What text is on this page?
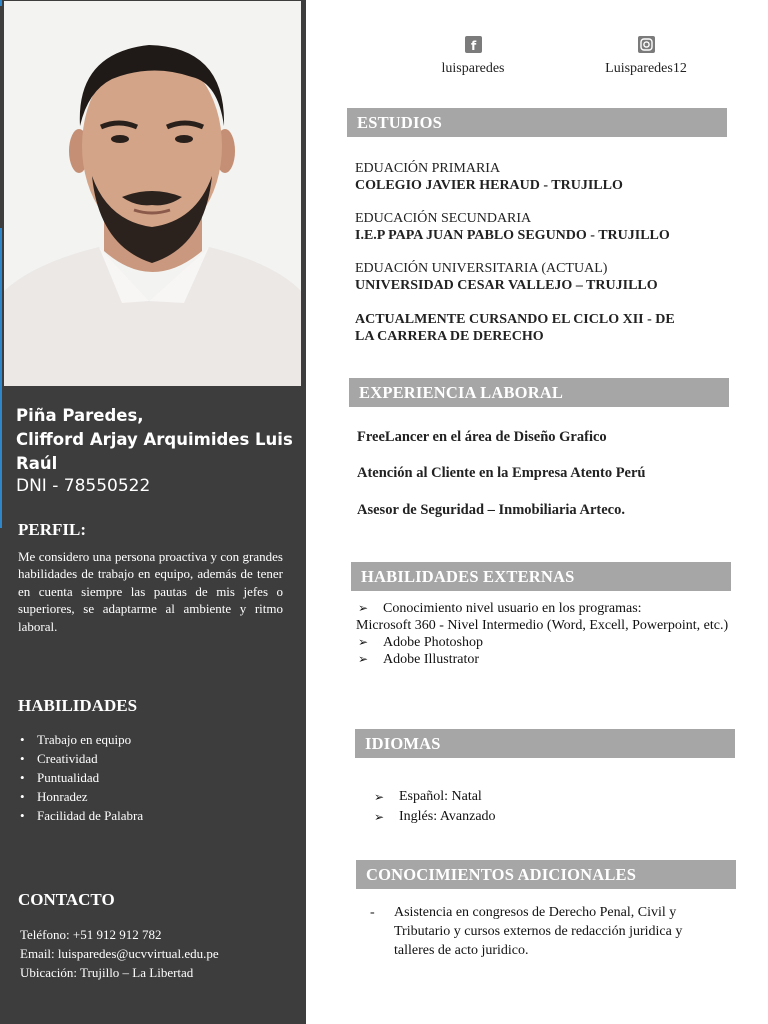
Piña Paredes,
Clifford Arjay Arquimides Luis Raúl
DNI - 78550522
PERFIL:
Me considero una persona proactiva y con grandes habilidades de trabajo en equipo, además de tener en cuenta siempre las pautas de mis jefes o superiores, se adaptarme al ambiente y ritmo laboral.
HABILIDADES
• Trabajo en equipo
• Creatividad
• Puntualidad
• Honradez
• Facilidad de Palabra
CONTACTO
Teléfono: +51 912 912 782
Email: luisparedes@ucvvirtual.edu.pe
Ubicación: Trujillo – La Libertad
f
luisparedes	Luisparedes12
ESTUDIOS
EDUACIÓN PRIMARIA
COLEGIO JAVIER HERAUD - TRUJILLO
EDUCACIÓN SECUNDARIA
I.E.P PAPA JUAN PABLO SEGUNDO - TRUJILLO
EDUACIÓN UNIVERSITARIA (ACTUAL)
UNIVERSIDAD CESAR VALLEJO – TRUJILLO
ACTUALMENTE CURSANDO EL CICLO XII - DE
LA CARRERA DE DERECHO
EXPERIENCIA LABORAL
FreeLancer en el área de Diseño Grafico
Atención al Cliente en la Empresa Atento Perú
Asesor de Seguridad – Inmobiliaria Arteco.
HABILIDADES EXTERNAS
➢ Conocimiento nivel usuario en los programas:
Microsoft 360 - Nivel Intermedio (Word, Excell, Powerpoint, etc.)
➢ Adobe Photoshop
➢ Adobe Illustrator
IDIOMAS
➢ Español: Natal
➢ Inglés: Avanzado
CONOCIMIENTOS ADICIONALES
-	Asistencia en congresos de Derecho Penal, Civil y Tributario y cursos externos de redacción juridica y talleres de acto juridico.
